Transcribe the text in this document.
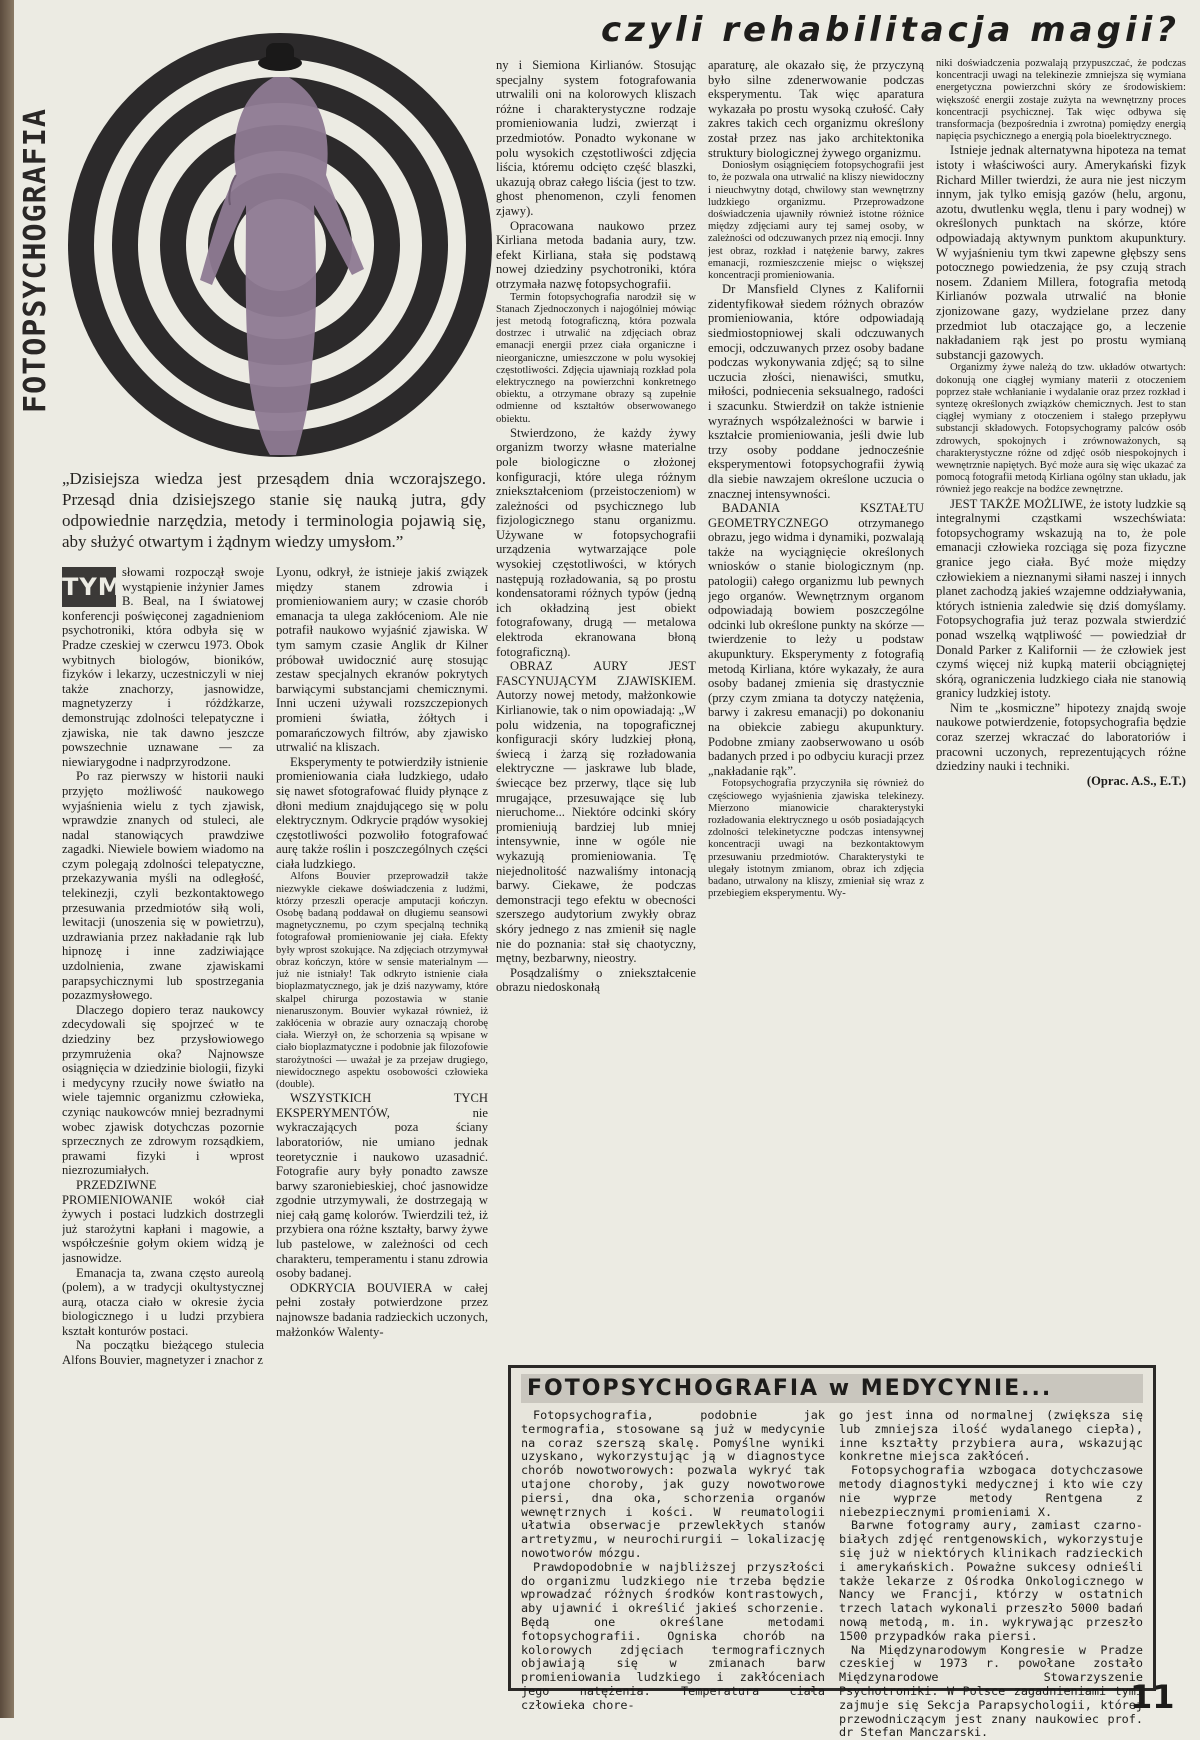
FOTOPSYCHOGRAFIA
czyli rehabilitacja magii?
„Dzisiejsza wiedza jest przesądem dnia wczorajszego. Przesąd dnia dzisiejszego stanie się nauką jutra, gdy odpowiednie narzędzia, metody i terminologia pojawią się, aby służyć otwartym i żądnym wiedzy umysłom.”
TYMI

słowami rozpoczął swoje wystąpienie inżynier James B. Beal, na I światowej konferencji poświęconej zagadnieniom psychotroniki, która odbyła się w Pradze czeskiej w czerwcu 1973. Obok wybitnych biologów, bioników, fizyków i lekarzy, uczestniczyli w niej także znachorzy, jasnowidze, magnetyzerzy i różdżkarze, demonstrując zdolności telepatyczne i zjawiska, nie tak dawno jeszcze powszechnie uznawane — za niewiarygodne i nadprzyrodzone.

Po raz pierwszy w historii nauki przyjęto możliwość naukowego wyjaśnienia wielu z tych zjawisk, wprawdzie znanych od stuleci, ale nadal stanowiących prawdziwe zagadki. Niewiele bowiem wiadomo na czym polegają zdolności telepatyczne, przekazywania myśli na odległość, telekinezji, czyli bezkontaktowego przesuwania przedmiotów siłą woli, lewitacji (unoszenia się w powietrzu), uzdrawiania przez nakładanie rąk lub hipnozę i inne zadziwiające uzdolnienia, zwane zjawiskami parapsychicznymi lub spostrzegania pozazmysłowego.

Dlaczego dopiero teraz naukowcy zdecydowali się spojrzeć w te dziedziny bez przysłowiowego przymrużenia oka? Najnowsze osiągnięcia w dziedzinie biologii, fizyki i medycyny rzuciły nowe światło na wiele tajemnic organizmu człowieka, czyniąc naukowców mniej bezradnymi wobec zjawisk dotychczas pozornie sprzecznych ze zdrowym rozsądkiem, prawami fizyki i wprost niezrozumiałych.

PRZEDZIWNE PROMIENIOWANIE wokół ciał żywych i postaci ludzkich dostrzegli już starożytni kapłani i magowie, a współcześnie gołym okiem widzą je jasnowidze.

Emanacja ta, zwana często aureolą (polem), a w tradycji okultystycznej aurą, otacza ciało w okresie życia biologicznego i u ludzi przybiera kształt konturów postaci.

Na początku bieżącego stulecia Alfons Bouvier, magnetyzer i znachor z

Lyonu, odkrył, że istnieje jakiś związek między stanem zdrowia i promieniowaniem aury; w czasie chorób emanacja ta ulega zakłóceniom. Ale nie potrafił naukowo wyjaśnić zjawiska. W tym samym czasie Anglik dr Kilner próbował uwidocznić aurę stosując zestaw specjalnych ekranów pokrytych barwiącymi substancjami chemicznymi. Inni uczeni używali rozszczepionych promieni światła, żółtych i pomarańczowych filtrów, aby zjawisko utrwalić na kliszach.

Eksperymenty te potwierdziły istnienie promieniowania ciała ludzkiego, udało się nawet sfotografować fluidy płynące z dłoni medium znajdującego się w polu elektrycznym. Odkrycie prądów wysokiej częstotliwości pozwoliło fotografować aurę także roślin i poszczególnych części ciała ludzkiego.

Alfons Bouvier przeprowadził także niezwykle ciekawe doświadczenia z ludźmi, którzy przeszli operacje amputacji kończyn. Osobę badaną poddawał on długiemu seansowi magnetycznemu, po czym specjalną techniką fotografował promieniowanie jej ciała. Efekty były wprost szokujące. Na zdjęciach otrzymywał obraz kończyn, które w sensie materialnym — już nie istniały! Tak odkryto istnienie ciała bioplazmatycznego, jak je dziś nazywamy, które skalpel chirurga pozostawia w stanie nienaruszonym. Bouvier wykazał również, iż zakłócenia w obrazie aury oznaczają chorobę ciała. Wierzył on, że schorzenia są wpisane w ciało bioplazmatyczne i podobnie jak filozofowie starożytności — uważał je za przejaw drugiego, niewidocznego aspektu osobowości człowieka (double).

WSZYSTKICH TYCH EKSPERYMENTÓW, nie wykraczających poza ściany laboratoriów, nie umiano jednak teoretycznie i naukowo uzasadnić. Fotografie aury były ponadto zawsze barwy szaroniebieskiej, choć jasnowidze zgodnie utrzymywali, że dostrzegają w niej całą gamę kolorów. Twierdzili też, iż przybiera ona różne kształty, barwy żywe lub pastelowe, w zależności od cech charakteru, temperamentu i stanu zdrowia osoby badanej.

ODKRYCIA BOUVIERA w całej pełni zostały potwierdzone przez najnowsze badania radzieckich uczonych, małżonków Walenty-

ny i Siemiona Kirlianów. Stosując specjalny system fotografowania utrwalili oni na kolorowych kliszach różne i charakterystyczne rodzaje promieniowania ludzi, zwierząt i przedmiotów. Ponadto wykonane w polu wysokich częstotliwości zdjęcia liścia, któremu odcięto część blaszki, ukazują obraz całego liścia (jest to tzw. ghost phenomenon, czyli fenomen zjawy).

Opracowana naukowo przez Kirliana metoda badania aury, tzw. efekt Kirliana, stała się podstawą nowej dziedziny psychotroniki, która otrzymała nazwę fotopsychografii.

Termin fotopsychografia narodził się w Stanach Zjednoczonych i najogólniej mówiąc jest metodą fotograficzną, która pozwala dostrzec i utrwalić na zdjęciach obraz emanacji energii przez ciała organiczne i nieorganiczne, umieszczone w polu wysokiej częstotliwości. Zdjęcia ujawniają rozkład pola elektrycznego na powierzchni konkretnego obiektu, a otrzymane obrazy są zupełnie odmienne od kształtów obserwowanego obiektu.

Stwierdzono, że każdy żywy organizm tworzy własne materialne pole biologiczne o złożonej konfiguracji, które ulega różnym zniekształceniom (przeistoczeniom) w zależności od psychicznego lub fizjologicznego stanu organizmu. Używane w fotopsychografii urządzenia wytwarzające pole wysokiej częstotliwości, w których następują rozładowania, są po prostu kondensatorami różnych typów (jedną ich okładziną jest obiekt fotografowany, drugą — metalowa elektroda ekranowana błoną fotograficzną).

OBRAZ AURY JEST FASCYNUJĄCYM ZJAWISKIEM. Autorzy nowej metody, małżonkowie Kirlianowie, tak o nim opowiadają: „W polu widzenia, na topograficznej konfiguracji skóry ludzkiej płoną, świecą i żarzą się rozładowania elektryczne — jaskrawe lub blade, świecące bez przerwy, tlące się lub mrugające, przesuwające się lub nieruchome... Niektóre odcinki skóry promieniują bardziej lub mniej intensywnie, inne w ogóle nie wykazują promieniowania. Tę niejednolitość nazwaliśmy intonacją barwy. Ciekawe, że podczas demonstracji tego efektu w obecności szerszego audytorium zwykły obraz skóry jednego z nas zmienił się nagle nie do poznania: stał się chaotyczny, mętny, bezbarwny, nieostry.

Posądzaliśmy o zniekształcenie obrazu niedoskonałą

aparaturę, ale okazało się, że przyczyną było silne zdenerwowanie podczas eksperymentu. Tak więc aparatura wykazała po prostu wysoką czułość. Cały zakres takich cech organizmu określony został przez nas jako architektonika struktury biologicznej żywego organizmu.

Doniosłym osiągnięciem fotopsychografii jest to, że pozwala ona utrwalić na kliszy niewidoczny i nieuchwytny dotąd, chwilowy stan wewnętrzny ludzkiego organizmu. Przeprowadzone doświadczenia ujawniły również istotne różnice między zdjęciami aury tej samej osoby, w zależności od odczuwanych przez nią emocji. Inny jest obraz, rozkład i natężenie barwy, zakres emanacji, rozmieszczenie miejsc o większej koncentracji promieniowania.

Dr Mansfield Clynes z Kalifornii zidentyfikował siedem różnych obrazów promieniowania, które odpowiadają siedmiostopniowej skali odczuwanych emocji, odczuwanych przez osoby badane podczas wykonywania zdjęć; są to silne uczucia złości, nienawiści, smutku, miłości, podniecenia seksualnego, radości i szacunku. Stwierdził on także istnienie wyraźnych współzależności w barwie i kształcie promieniowania, jeśli dwie lub trzy osoby poddane jednocześnie eksperymentowi fotopsychografii żywią dla siebie nawzajem określone uczucia o znacznej intensywności.

BADANIA KSZTAŁTU GEOMETRYCZNEGO otrzymanego obrazu, jego widma i dynamiki, pozwalają także na wyciągnięcie określonych wniosków o stanie biologicznym (np. patologii) całego organizmu lub pewnych jego organów. Wewnętrznym organom odpowiadają bowiem poszczególne odcinki lub określone punkty na skórze — twierdzenie to leży u podstaw akupunktury. Eksperymenty z fotografią metodą Kirliana, które wykazały, że aura osoby badanej zmienia się drastycznie (przy czym zmiana ta dotyczy natężenia, barwy i zakresu emanacji) po dokonaniu na obiekcie zabiegu akupunktury. Podobne zmiany zaobserwowano u osób badanych przed i po odbyciu kuracji przez „nakładanie rąk”.

Fotopsychografia przyczyniła się również do częściowego wyjaśnienia zjawiska telekinezy. Mierzono mianowicie charakterystyki rozładowania elektrycznego u osób posiadających zdolności telekinetyczne podczas intensywnej koncentracji uwagi na bezkontaktowym przesuwaniu przedmiotów. Charakterystyki te ulegały istotnym zmianom, obraz ich zdjęcia badano, utrwalony na kliszy, zmieniał się wraz z przebiegiem eksperymentu. Wy-

niki doświadczenia pozwalają przypuszczać, że podczas koncentracji uwagi na telekinezie zmniejsza się wymiana energetyczna powierzchni skóry ze środowiskiem: większość energii zostaje zużyta na wewnętrzny proces koncentracji psychicznej. Tak więc odbywa się transformacja (bezpośrednia i zwrotna) pomiędzy energią napięcia psychicznego a energią pola bioelektrycznego.

Istnieje jednak alternatywna hipoteza na temat istoty i właściwości aury. Amerykański fizyk Richard Miller twierdzi, że aura nie jest niczym innym, jak tylko emisją gazów (helu, argonu, azotu, dwutlenku węgla, tlenu i pary wodnej) w określonych punktach na skórze, które odpowiadają aktywnym punktom akupunktury. W wyjaśnieniu tym tkwi zapewne głębszy sens potocznego powiedzenia, że psy czują strach nosem. Zdaniem Millera, fotografia metodą Kirlianów pozwala utrwalić na błonie zjonizowane gazy, wydzielane przez dany przedmiot lub otaczające go, a leczenie nakładaniem rąk jest po prostu wymianą substancji gazowych.

Organizmy żywe należą do tzw. układów otwartych: dokonują one ciągłej wymiany materii z otoczeniem poprzez stałe wchłanianie i wydalanie oraz przez rozkład i syntezę określonych związków chemicznych. Jest to stan ciągłej wymiany z otoczeniem i stałego przepływu substancji składowych. Fotopsychogramy palców osób zdrowych, spokojnych i zrównoważonych, są charakterystyczne różne od zdjęć osób niespokojnych i wewnętrznie napiętych. Być może aura się więc ukazać za pomocą fotografii metodą Kirliana ogólny stan układu, jak również jego reakcje na bodźce zewnętrzne.

JEST TAKŻE MOŻLIWE, że istoty ludzkie są integralnymi cząstkami wszechświata: fotopsychogramy wskazują na to, że pole emanacji człowieka rozciąga się poza fizyczne granice jego ciała. Być może między człowiekiem a nieznanymi siłami naszej i innych planet zachodzą jakieś wzajemne oddziaływania, których istnienia zaledwie się dziś domyślamy. Fotopsychografia już teraz pozwala stwierdzić ponad wszelką wątpliwość — powiedział dr Donald Parker z Kalifornii — że człowiek jest czymś więcej niż kupką materii obciągniętej skórą, ograniczenia ludzkiego ciała nie stanowią granicy ludzkiej istoty.

Nim te „kosmiczne” hipotezy znajdą swoje naukowe potwierdzenie, fotopsychografia będzie coraz szerzej wkraczać do laboratoriów i pracowni uczonych, reprezentujących różne dziedziny nauki i techniki.

(Oprac. A.S., E.T.)

FOTOPSYCHOGRAFIA w MEDYCYNIE...

Fotopsychografia, podobnie jak termografia, stosowane są już w medycynie na coraz szerszą skalę. Pomyślne wyniki uzyskano, wykorzystując ją w diagnostyce chorób nowotworowych: pozwala wykryć tak utajone choroby, jak guzy nowotworowe piersi, dna oka, schorzenia organów wewnętrznych i kości. W reumatologii ułatwia obserwacje przewlekłych stanów artretyzmu, w neurochirurgii — lokalizację nowotworów mózgu.

Prawdopodobnie w najbliższej przyszłości do organizmu ludzkiego nie trzeba będzie wprowadzać różnych środków kontrastowych, aby ujawnić i określić jakieś schorzenie. Będą one określane metodami fotopsychografii. Ogniska chorób na kolorowych zdjęciach termograficznych objawiają się w zmianach barw promieniowania ludzkiego i zakłóceniach jego natężenia. Temperatura ciała człowieka chore-

go jest inna od normalnej (zwiększa się lub zmniejsza ilość wydalanego ciepła), inne kształty przybiera aura, wskazując konkretne miejsca zakłóceń.

Fotopsychografia wzbogaca dotychczasowe metody diagnostyki medycznej i kto wie czy nie wyprze metody Rentgena z niebezpiecznymi promieniami X.

Barwne fotogramy aury, zamiast czarno-białych zdjęć rentgenowskich, wykorzystuje się już w niektórych klinikach radzieckich i amerykańskich. Poważne sukcesy odnieśli także lekarze z Ośrodka Onkologicznego w Nancy we Francji, którzy w ostatnich trzech latach wykonali przeszło 5000 badań nową metodą, m. in. wykrywając przeszło 1500 przypadków raka piersi.

Na Międzynarodowym Kongresie w Pradze czeskiej w 1973 r. powołane zostało Międzynarodowe Stowarzyszenie Psychotroniki. W Polsce zagadnieniami tymi zajmuje się Sekcja Parapsychologii, której przewodniczącym jest znany naukowiec prof. dr Stefan Manczarski.

11
